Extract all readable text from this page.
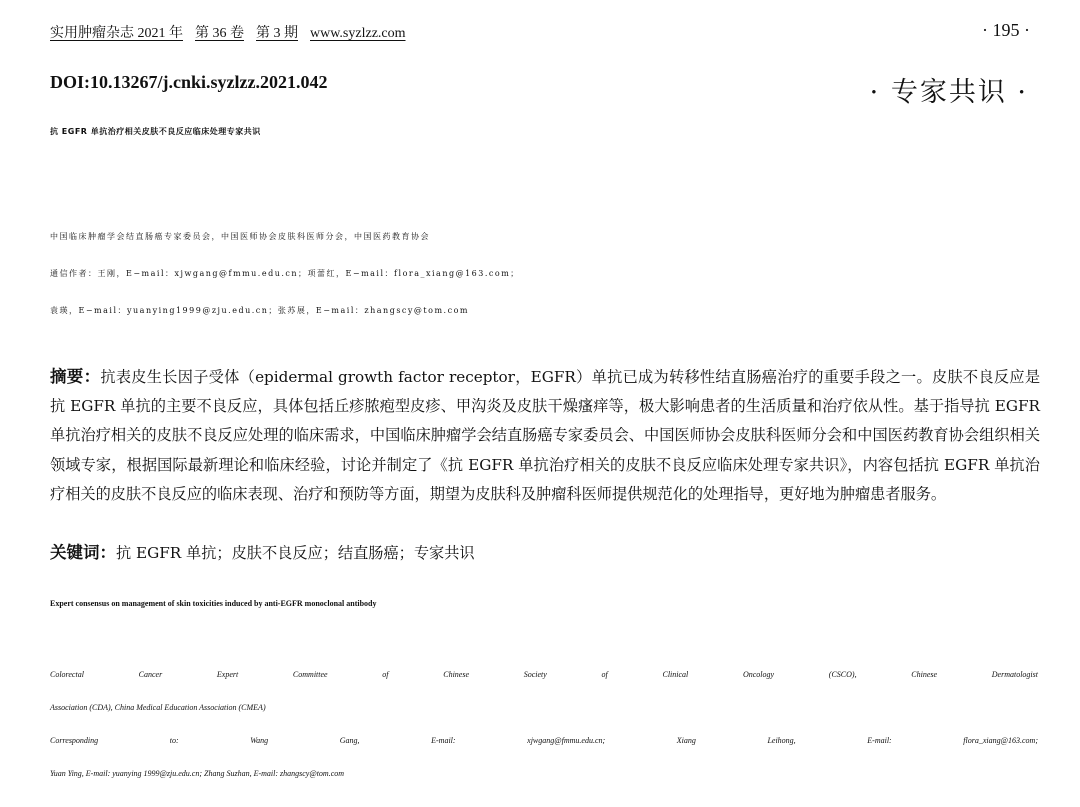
实用肿瘤杂志 2021 年 第 36 卷 第 3 期 www.syzlzz.com	· 195 ·
DOI:10.13267/j.cnki.syzlzz.2021.042	· 专家共识 ·
抗 EGFR 单抗治疗相关皮肤不良反应临床处理专家共识
中国临床肿瘤学会结直肠癌专家委员会，中国医师协会皮肤科医师分会，中国医药教育协会
通信作者：王刚，E−mail：xjwgang@fmmu.edu.cn；项蕾红，E−mail：flora_xiang@163.com；
袁瑛，E−mail：yuanying1999@zju.edu.cn；张苏展，E−mail：zhangscy@tom.com
摘要：抗表皮生长因子受体（epidermal growth factor receptor，EGFR）单抗已成为转移性结直肠癌治疗的重要手段之一。皮肤不良反应是抗 EGFR 单抗的主要不良反应，具体包括丘疹脓疱型皮疹、甲沟炎及皮肤干燥瘙痒等，极大影响患者的生活质量和治疗依从性。基于指导抗 EGFR 单抗治疗相关的皮肤不良反应处理的临床需求，中国临床肿瘤学会结直肠癌专家委员会、中国医师协会皮肤科医师分会和中国医药教育协会组织相关领域专家，根据国际最新理论和临床经验，讨论并制定了《抗 EGFR 单抗治疗相关的皮肤不良反应临床处理专家共识》，内容包括抗 EGFR 单抗治疗相关的皮肤不良反应的临床表现、治疗和预防等方面，期望为皮肤科及肿瘤科医师提供规范化的处理指导，更好地为肿瘤患者服务。
关键词：抗 EGFR 单抗；皮肤不良反应；结直肠癌；专家共识
Expert consensus on management of skin toxicities induced by anti-EGFR monoclonal antibody
Colorectal Cancer Expert Committee of Chinese Society of Clinical Oncology (CSCO), Chinese Dermatologist
Association (CDA), China Medical Education Association (CMEA)
Corresponding to: Wang Gang, E-mail: xjwgang@fmmu.edu.cn; Xiang Leihong, E-mail: flora_xiang@163.com;
Yuan Ying, E-mail: yuanying 1999@zju.edu.cn; Zhang Suzhan, E-mail: zhangscy@tom.com
